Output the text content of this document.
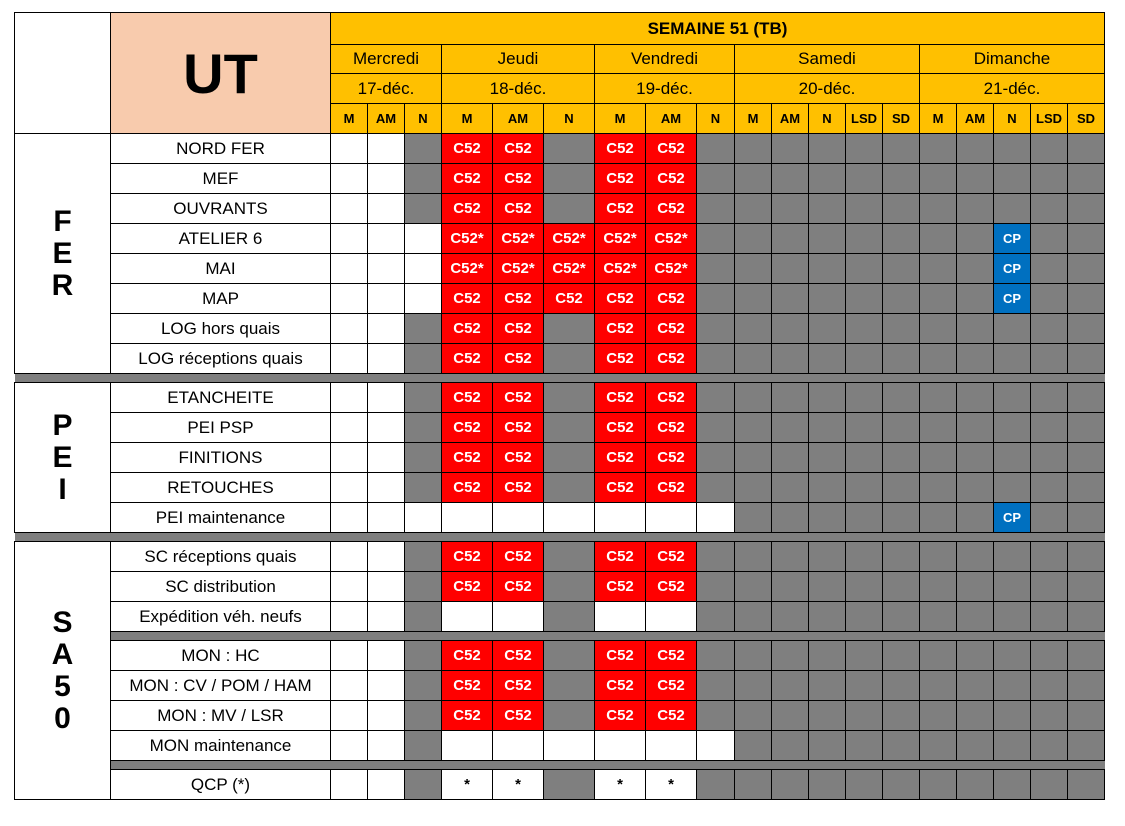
	UT	SEMAINE 51 (TB)																		
		Mercredi			Jeudi			Vendredi			Samedi					Dimanche				
		17-déc.			18-déc.			19-déc.			20-déc.					21-déc.				
		M	AM	N	M	AM	N	M	AM	N	M	AM	N	LSD	SD	M	AM	N	LSD	SD
F
E
R	NORD FER				C52	C52		C52	C52											
	MEF				C52	C52		C52	C52											
	OUVRANTS				C52	C52		C52	C52											
	ATELIER 6				C52*	C52*	C52*	C52*	C52*									CP		
	MAI				C52*	C52*	C52*	C52*	C52*									CP		
	MAP				C52	C52	C52	C52	C52									CP		
	LOG hors quais				C52	C52		C52	C52											
	LOG réceptions quais				C52	C52		C52	C52											

P
E
I	ETANCHEITE				C52	C52		C52	C52											
	PEI PSP				C52	C52		C52	C52											
	FINITIONS				C52	C52		C52	C52											
	RETOUCHES				C52	C52		C52	C52											
	PEI maintenance																	CP		

S
A
5
0	SC réceptions quais				C52	C52		C52	C52											
	SC distribution				C52	C52		C52	C52											
	Expédition véh. neufs																			

	MON : HC				C52	C52		C52	C52											
	MON : CV / POM / HAM				C52	C52		C52	C52											
	MON : MV / LSR				C52	C52		C52	C52											
	MON maintenance																			

	QCP (*)				*	*		*	*											
